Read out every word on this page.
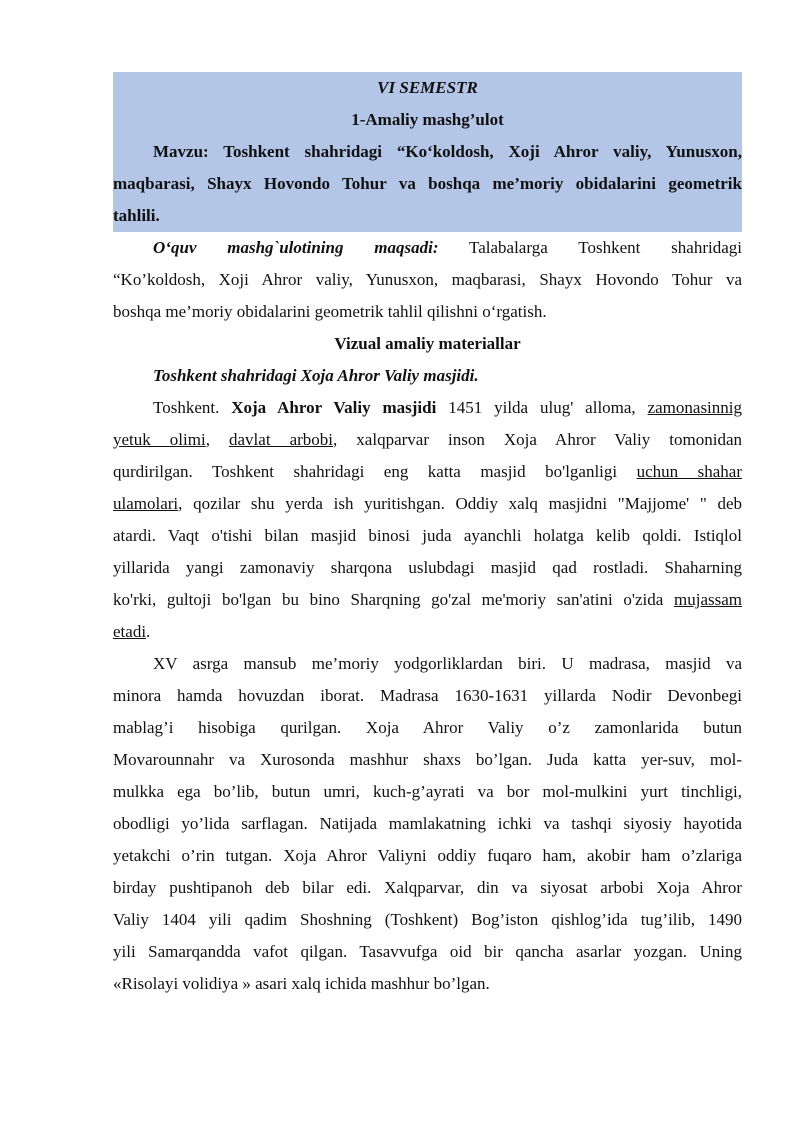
VI SEMESTR
1-Amaliy mashg’ulot
Mavzu: Toshkent shahridagi “Ko‘koldosh, Xoji Ahror valiy, Yunusxon,
maqbarasi, Shayx Hovondo Tohur va boshqa me’moriy obidalarini geometrik
tahlili.
O‘quv mashg`ulotining maqsadi: Talabalarga Toshkent shahridagi
“Ko’koldosh, Xoji Ahror valiy, Yunusxon, maqbarasi, Shayx Hovondo Tohur va
boshqa me’moriy obidalarini geometrik tahlil qilishni o‘rgatish.
Vizual amaliy materiallar
Toshkent shahridagi Xoja Ahror Valiy masjidi.
Toshkent. Xoja Ahror Valiy masjidi 1451 yilda ulug' alloma, zamonasinnig
yetuk olimi, davlat arbobi, xalqparvar inson Xoja Ahror Valiy tomonidan
qurdirilgan. Toshkent shahridagi eng katta masjid bo'lganligi uchun shahar
ulamolari, qozilar shu yerda ish yuritishgan. Oddiy xalq masjidni "Majjome' " deb
atardi. Vaqt o'tishi bilan masjid binosi juda ayanchli holatga kelib qoldi. Istiqlol
yillarida yangi zamonaviy sharqona uslubdagi masjid qad rostladi. Shaharning
ko'rki, gultoji bo'lgan bu bino Sharqning go'zal me'moriy san'atini o'zida mujassam
etadi.
XV asrga mansub me’moriy yodgorliklardan biri. U madrasa, masjid va
minora hamda hovuzdan iborat. Madrasa 1630-1631 yillarda Nodir Devonbegi
mablag’i hisobiga qurilgan. Xoja Ahror Valiy o’z zamonlarida butun
Movarounnahr va Xurosonda mashhur shaxs bo’lgan. Juda katta yer-suv, mol-
mulkka ega bo’lib, butun umri, kuch-g’ayrati va bor mol-mulkini yurt tinchligi,
obodligi yo’lida sarflagan. Natijada mamlakatning ichki va tashqi siyosiy hayotida
yetakchi o’rin tutgan. Xoja Ahror Valiyni oddiy fuqaro ham, akobir ham o’zlariga
birday pushtipanoh deb bilar edi. Xalqparvar, din va siyosat arbobi Xoja Ahror
Valiy 1404 yili qadim Shoshning (Toshkent) Bog’iston qishlog’ida tug’ilib, 1490
yili Samarqandda vafot qilgan. Tasavvufga oid bir qancha asarlar yozgan. Uning
«Risolayi volidiya » asari xalq ichida mashhur bo’lgan.
